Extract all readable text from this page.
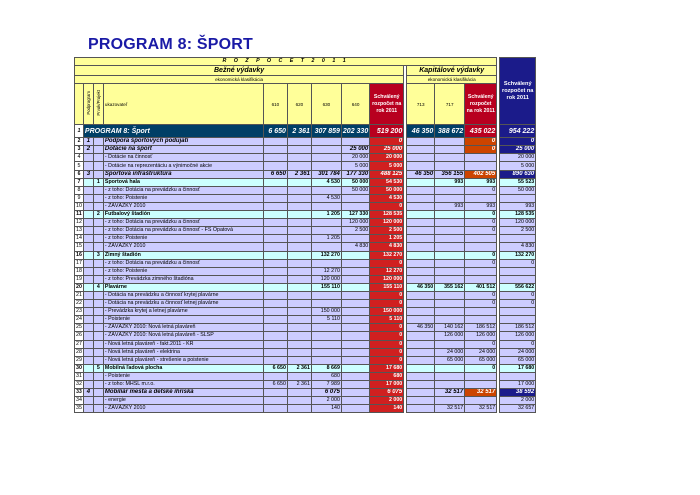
PROGRAM 8: ŠPORT
R O Z P O Č E T 2 0 1 1														Schválený rozpočet na rok 2011
Bežné výdavky										Kapitálové výdavky				
ekonomická klasifikácia										ekonomická klasifikácia				
	Podprogram	Prvok/Projekt	ukazovateľ	610	620	630	640	Schválený rozpočet na rok 2011		713	717	Schválený rozpočet na rok 2011		
1	PROGRAM 8: Šport			6 650	2 361	307 859	202 330	519 200		46 350	388 672	435 022		954 222
2	1		Podpora športových podujatí					0				0		0
3	2		Dotácie na šport				25 000	25 000				0		25 000
4			- Dotácie na činnosť				20 000	20 000						20 000
5			- Dotácie na reprezentáciu a výnimočné akcie				5 000	5 000						5 000
6	3		Športová infraštruktúra	6 650	2 361	301 784	177 330	488 125		46 350	356 155	402 505		890 630
7		1	Športová hala			4 530	50 000	54 530			993	993		55 523
8			- z toho: Dotácia na prevádzku a činnosť				50 000	50 000				0		50 000
9			- z toho: Poistenie			4 530		4 530						
10			- ZÁVÄZKY 2010					0			993	993		993
11		2	Futbalový štadión			1 205	127 330	128 535				0		128 535
12			- z toho: Dotácia na prevádzku a činnosť				120 000	120 000				0		120 000
13			- z toho: Dotácia na prevádzku a činnosť - FŠ Opatová				2 500	2 500				0		2 500
14			- z toho: Poistenie			1 205		1 205						
15			- ZÁVÄZKY 2010				4 830	4 830						4 830
16		3	Zimný štadión			132 270		132 270				0		132 270
17			- z toho: Dotácia na prevádzku a činnosť					0				0		0
18			- z toho: Poistenie			12 270		12 270						
19			- z toho: Prevádzka zimného štadióna			120 000		120 000						
20		4	Plavárne			155 110		155 110		46 350	355 162	401 512		556 622
21			- Dotácia na prevádzku a činnosť krytej plavárne					0				0		0
22			- Dotácia na prevádzku a činnosť letnej plavárne					0				0		0
23			- Prevádzka krytej a letnej plavárne			150 000		150 000						
24			- Poistenie			5 110		5 110						
25			- ZÁVÄZKY 2010: Nová letná plaváreň					0		46 350	140 162	186 512		186 512
26			- ZÁVÄZKY 2010: Nová letná plaváreň - SLSP					0			126 000	126 000		126 000
27			- Nová letná plaváreň - fakt.2011 - KR					0				0		0
28			- Nová letná plaváreň - elektrina					0			24 000	24 000		24 000
29			- Nová letná plaváreň - strešenie a poistenie					0			65 000	65 000		65 000
30		5	Mobilná ľadová plocha	6 650	2 361	8 669		17 680				0		17 680
31			- Poistenie			680		680						
32			- z toho: MHSL m.r.o.	6 650	2 361	7 989		17 000						17 000
33	4		Mobiliár mesta a detské ihriská			6 075		6 075			32 517	32 517		38 592
34			- energie			2 000		2 000						2 000
35			- ZÁVÄZKY 2010			140		140			32 517	32 517		32 657
